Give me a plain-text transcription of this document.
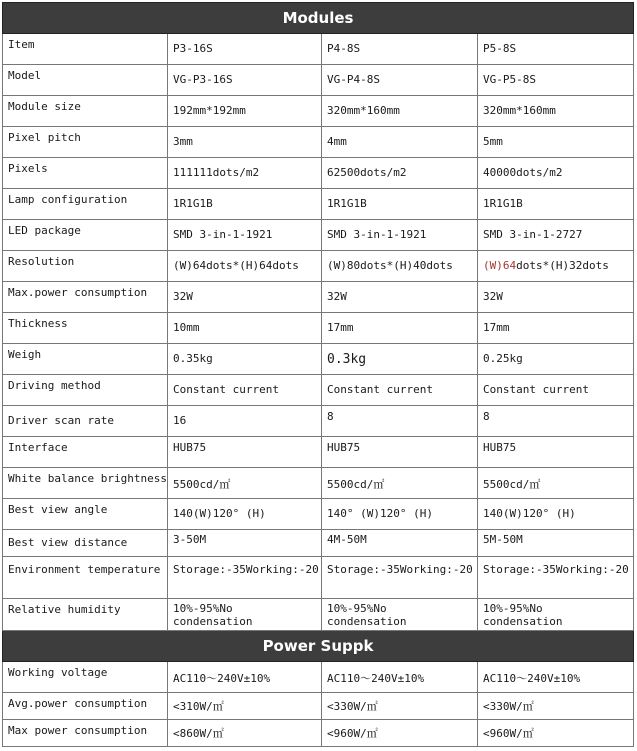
Modules			
Item	P3-16S	P4-8S	P5-8S
Model	VG-P3-16S	VG-P4-8S	VG-P5-8S
Module size	192mm*192mm	320mm*160mm	320mm*160mm
Pixel pitch	3mm	4mm	5mm
Pixels	111111dots/m2	62500dots/m2	40000dots/m2
Lamp configuration	1R1G1B	1R1G1B	1R1G1B
LED package	SMD 3-in-1-1921	SMD 3-in-1-1921	SMD 3-in-1-2727
Resolution	(W)64dots*(H)64dots	(W)80dots*(H)40dots	(W)64dots*(H)32dots
Max.power consumption	32W	32W	32W
Thickness	10mm	17mm	17mm
Weigh	0.35kg	0.3kg	0.25kg
Driving method	Constant current	Constant current	Constant current
Driver scan rate	16	8	8
Interface	HUB75	HUB75	HUB75
White balance brightness	5500cd/㎡	5500cd/㎡	5500cd/㎡
Best view angle	140(W)120° (H)	140° (W)120° (H)	140(W)120° (H)
Best view distance	3-50M	4M-50M	5M-50M
Environment temperature	Storage:-35Working:-20	Storage:-35Working:-20	Storage:-35Working:-20
Relative humidity	10%-95%No condensation	10%-95%No condensation	10%-95%No condensation
Power Suppk			
Working voltage	AC110～240V±10%	AC110～240V±10%	AC110～240V±10%
Avg.power consumption	<310W/㎡	<330W/㎡	<330W/㎡
Max power consumption	<860W/㎡	<960W/㎡	<960W/㎡
